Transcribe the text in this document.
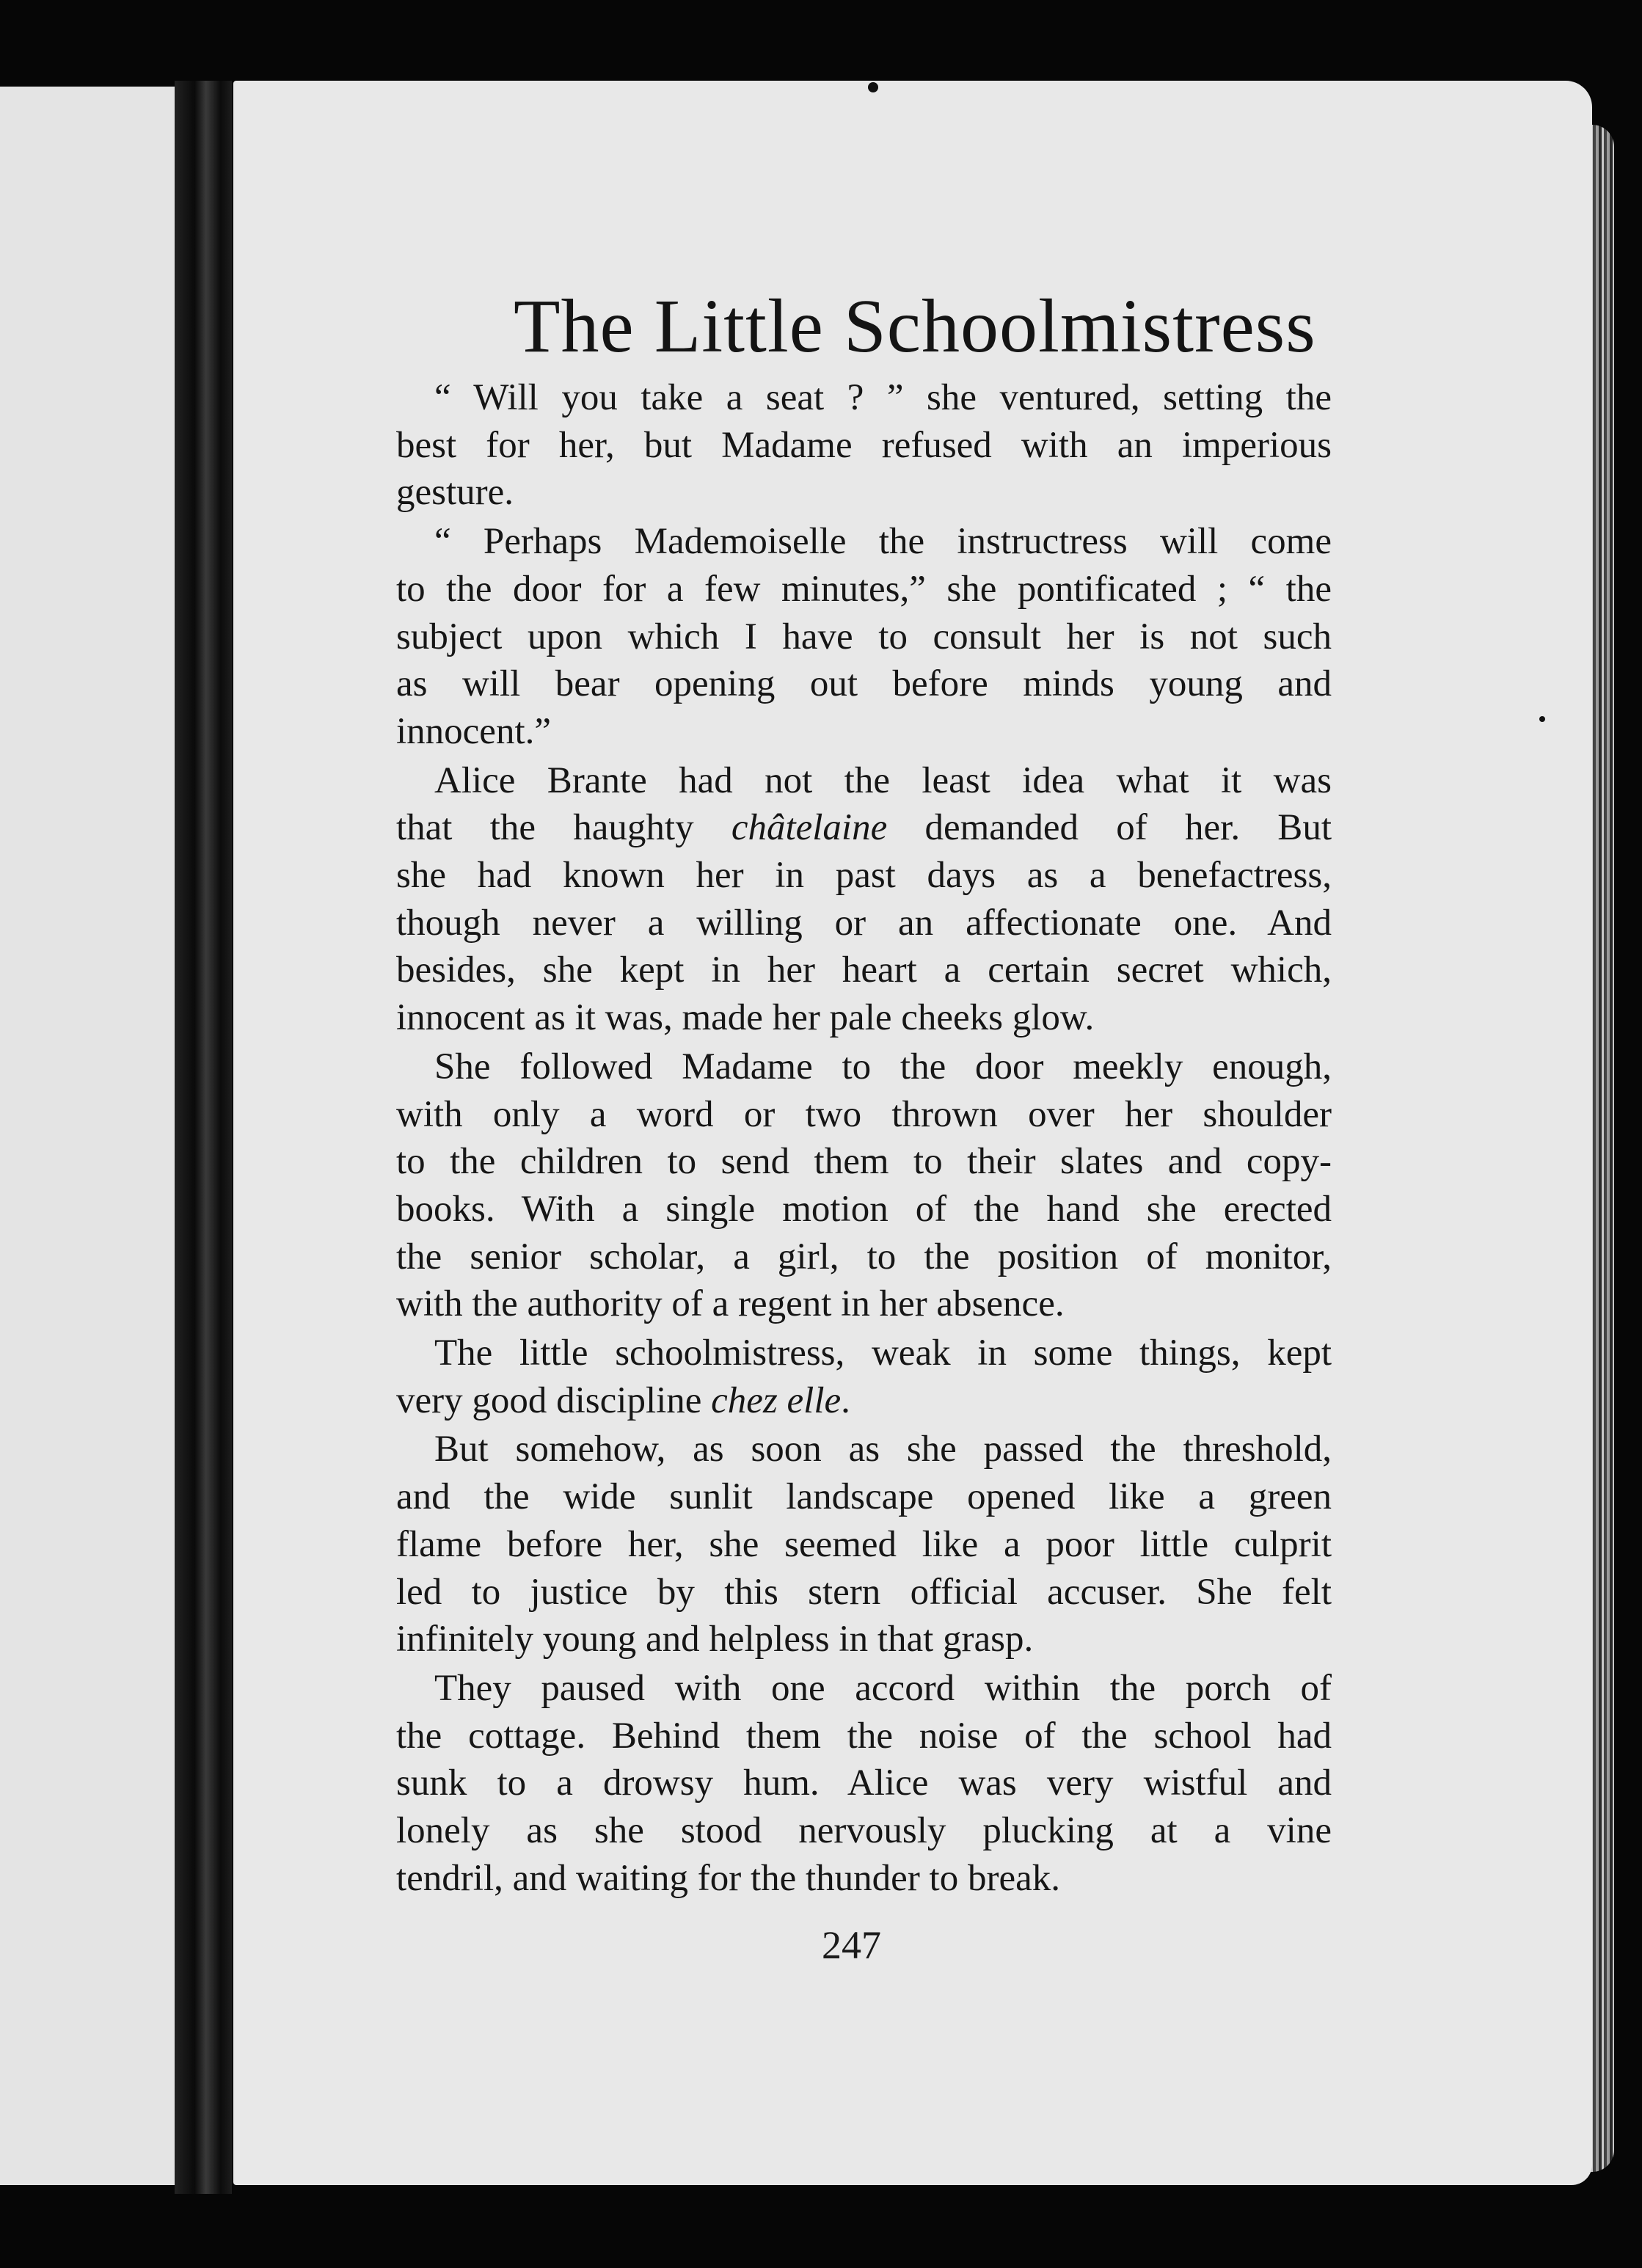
The Little Schoolmistress
“ Will you take a seat ? ” she ventured, setting the
best for her, but Madame refused with an imperious
gesture.
“ Perhaps Mademoiselle the instructress will come
to the door for a few minutes,” she pontificated ; “ the
subject upon which I have to consult her is not such
as will bear opening out before minds young and
innocent.”
Alice Brante had not the least idea what it was
that the haughty châtelaine demanded of her. But
she had known her in past days as a benefactress,
though never a willing or an affectionate one. And
besides, she kept in her heart a certain secret which,
innocent as it was, made her pale cheeks glow.
She followed Madame to the door meekly enough,
with only a word or two thrown over her shoulder
to the children to send them to their slates and copy-
books. With a single motion of the hand she erected
the senior scholar, a girl, to the position of monitor,
with the authority of a regent in her absence.
The little schoolmistress, weak in some things, kept
very good discipline chez elle.
But somehow, as soon as she passed the threshold,
and the wide sunlit landscape opened like a green
flame before her, she seemed like a poor little culprit
led to justice by this stern official accuser. She felt
infinitely young and helpless in that grasp.
They paused with one accord within the porch of
the cottage. Behind them the noise of the school had
sunk to a drowsy hum. Alice was very wistful and
lonely as she stood nervously plucking at a vine
tendril, and waiting for the thunder to break.
247
